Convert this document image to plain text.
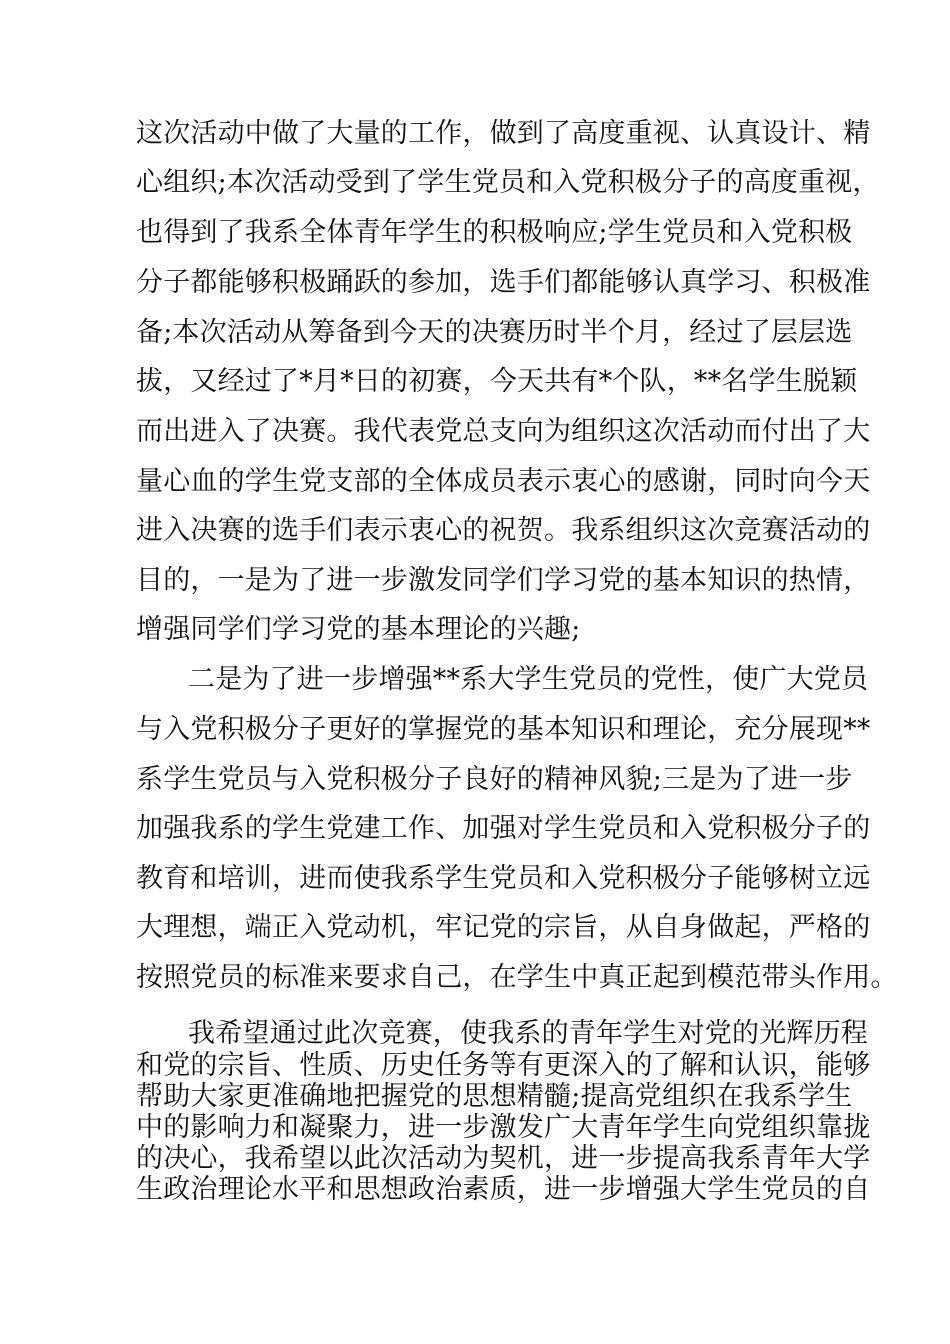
这次活动中做了大量的工作，做到了高度重视、认真设计、精
心组织;本次活动受到了学生党员和入党积极分子的高度重视，
也得到了我系全体青年学生的积极响应;学生党员和入党积极
分子都能够积极踊跃的参加，选手们都能够认真学习、积极准
备;本次活动从筹备到今天的决赛历时半个月，经过了层层选
拔，又经过了*月*日的初赛，今天共有*个队，**名学生脱颖
而出进入了决赛。我代表党总支向为组织这次活动而付出了大
量心血的学生党支部的全体成员表示衷心的感谢，同时向今天
进入决赛的选手们表示衷心的祝贺。我系组织这次竞赛活动的
目的，一是为了进一步激发同学们学习党的基本知识的热情，
增强同学们学习党的基本理论的兴趣;
二是为了进一步增强**系大学生党员的党性，使广大党员
与入党积极分子更好的掌握党的基本知识和理论，充分展现**
系学生党员与入党积极分子良好的精神风貌;三是为了进一步
加强我系的学生党建工作、加强对学生党员和入党积极分子的
教育和培训，进而使我系学生党员和入党积极分子能够树立远
大理想，端正入党动机，牢记党的宗旨，从自身做起，严格的
按照党员的标准来要求自己，在学生中真正起到模范带头作用。
我希望通过此次竞赛，使我系的青年学生对党的光辉历程
和党的宗旨、性质、历史任务等有更深入的了解和认识，能够
帮助大家更准确地把握党的思想精髓;提高党组织在我系学生
中的影响力和凝聚力，进一步激发广大青年学生向党组织靠拢
的决心，我希望以此次活动为契机，进一步提高我系青年大学
生政治理论水平和思想政治素质，进一步增强大学生党员的自
